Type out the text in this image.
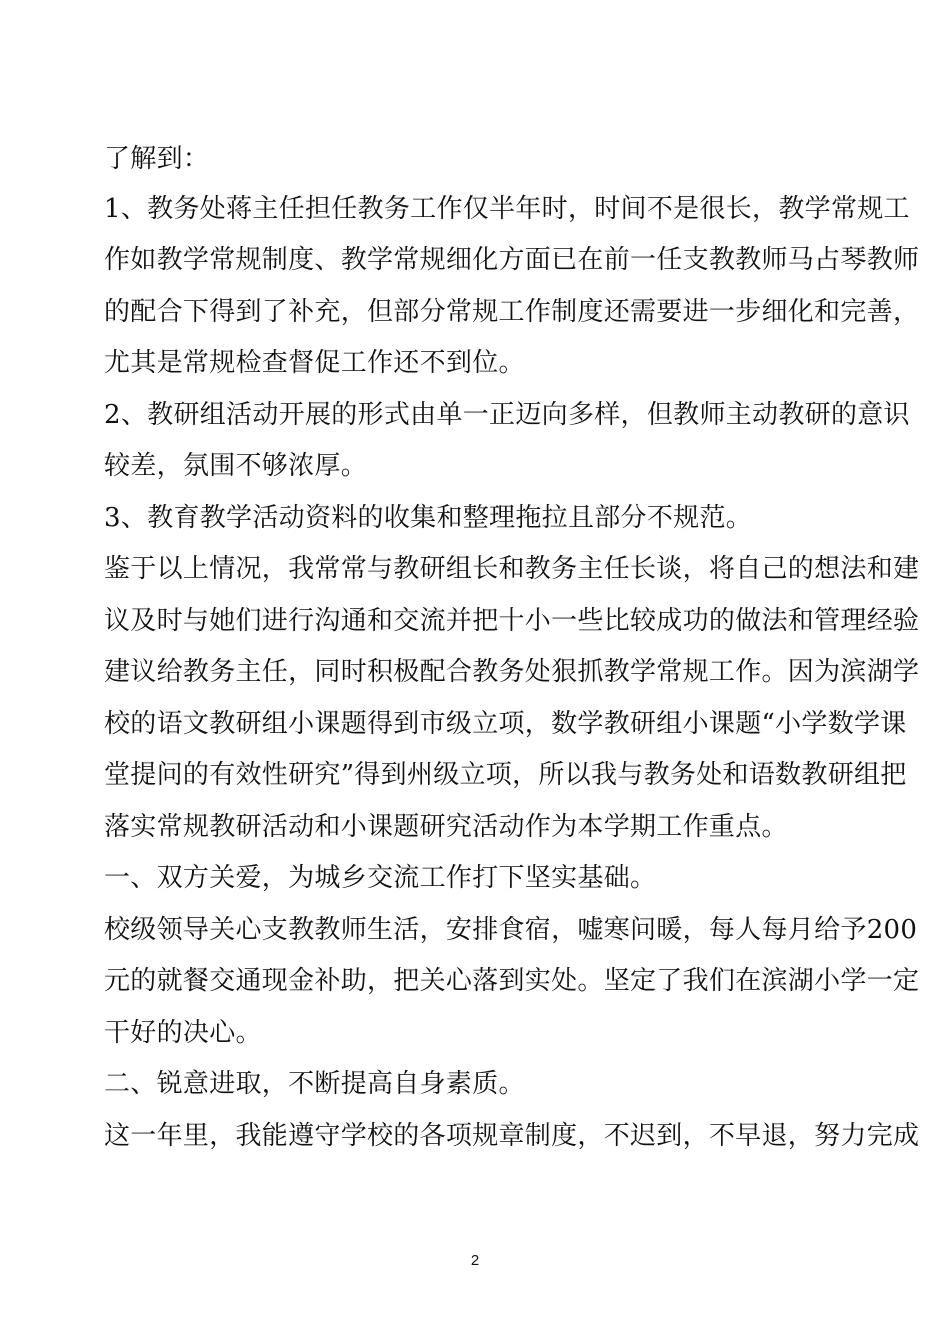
了解到：
1、教务处蒋主任担任教务工作仅半年时，时间不是很长，教学常规工
作如教学常规制度、教学常规细化方面已在前一任支教教师马占琴教师
的配合下得到了补充，但部分常规工作制度还需要进一步细化和完善，
尤其是常规检查督促工作还不到位。
2、教研组活动开展的形式由单一正迈向多样，但教师主动教研的意识
较差，氛围不够浓厚。
3、教育教学活动资料的收集和整理拖拉且部分不规范。
鉴于以上情况，我常常与教研组长和教务主任长谈，将自己的想法和建
议及时与她们进行沟通和交流并把十小一些比较成功的做法和管理经验
建议给教务主任，同时积极配合教务处狠抓教学常规工作。因为滨湖学
校的语文教研组小课题得到市级立项，数学教研组小课题“小学数学课
堂提问的有效性研究”得到州级立项，所以我与教务处和语数教研组把
落实常规教研活动和小课题研究活动作为本学期工作重点。
一、双方关爱，为城乡交流工作打下坚实基础。
校级领导关心支教教师生活，安排食宿，嘘寒问暖，每人每月给予200
元的就餐交通现金补助，把关心落到实处。坚定了我们在滨湖小学一定
干好的决心。
二、锐意进取，不断提高自身素质。
这一年里，我能遵守学校的各项规章制度，不迟到，不早退，努力完成
2
